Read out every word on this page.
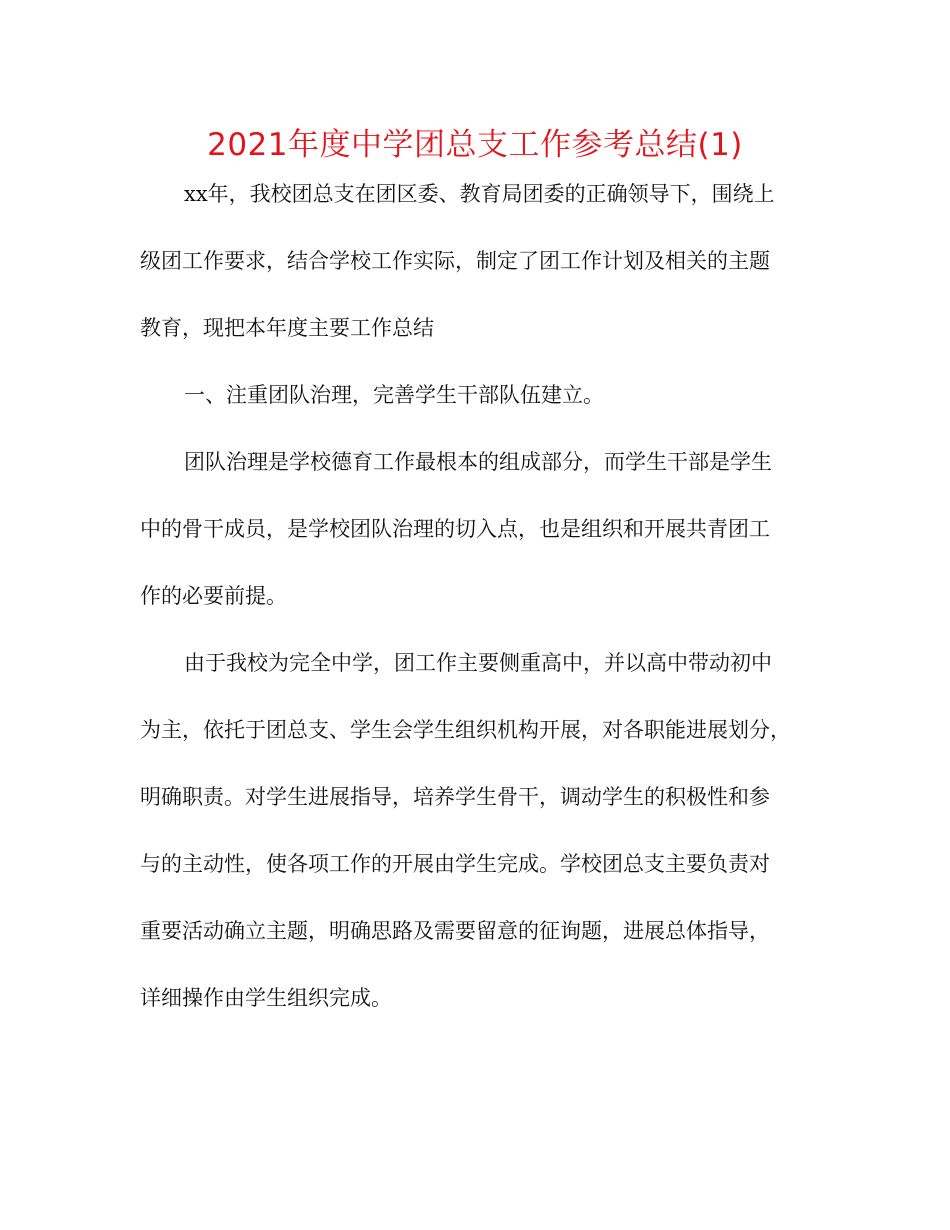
2021年度中学团总支工作参考总结(1)

xx年，我校团总支在团区委、教育局团委的正确领导下，围绕上

级团工作要求，结合学校工作实际，制定了团工作计划及相关的主题

教育，现把本年度主要工作总结

一、注重团队治理，完善学生干部队伍建立。

团队治理是学校德育工作最根本的组成部分，而学生干部是学生

中的骨干成员，是学校团队治理的切入点，也是组织和开展共青团工

作的必要前提。

由于我校为完全中学，团工作主要侧重高中，并以高中带动初中

为主，依托于团总支、学生会学生组织机构开展，对各职能进展划分，

明确职责。对学生进展指导，培养学生骨干，调动学生的积极性和参

与的主动性，使各项工作的开展由学生完成。学校团总支主要负责对

重要活动确立主题，明确思路及需要留意的征询题，进展总体指导，

详细操作由学生组织完成。
